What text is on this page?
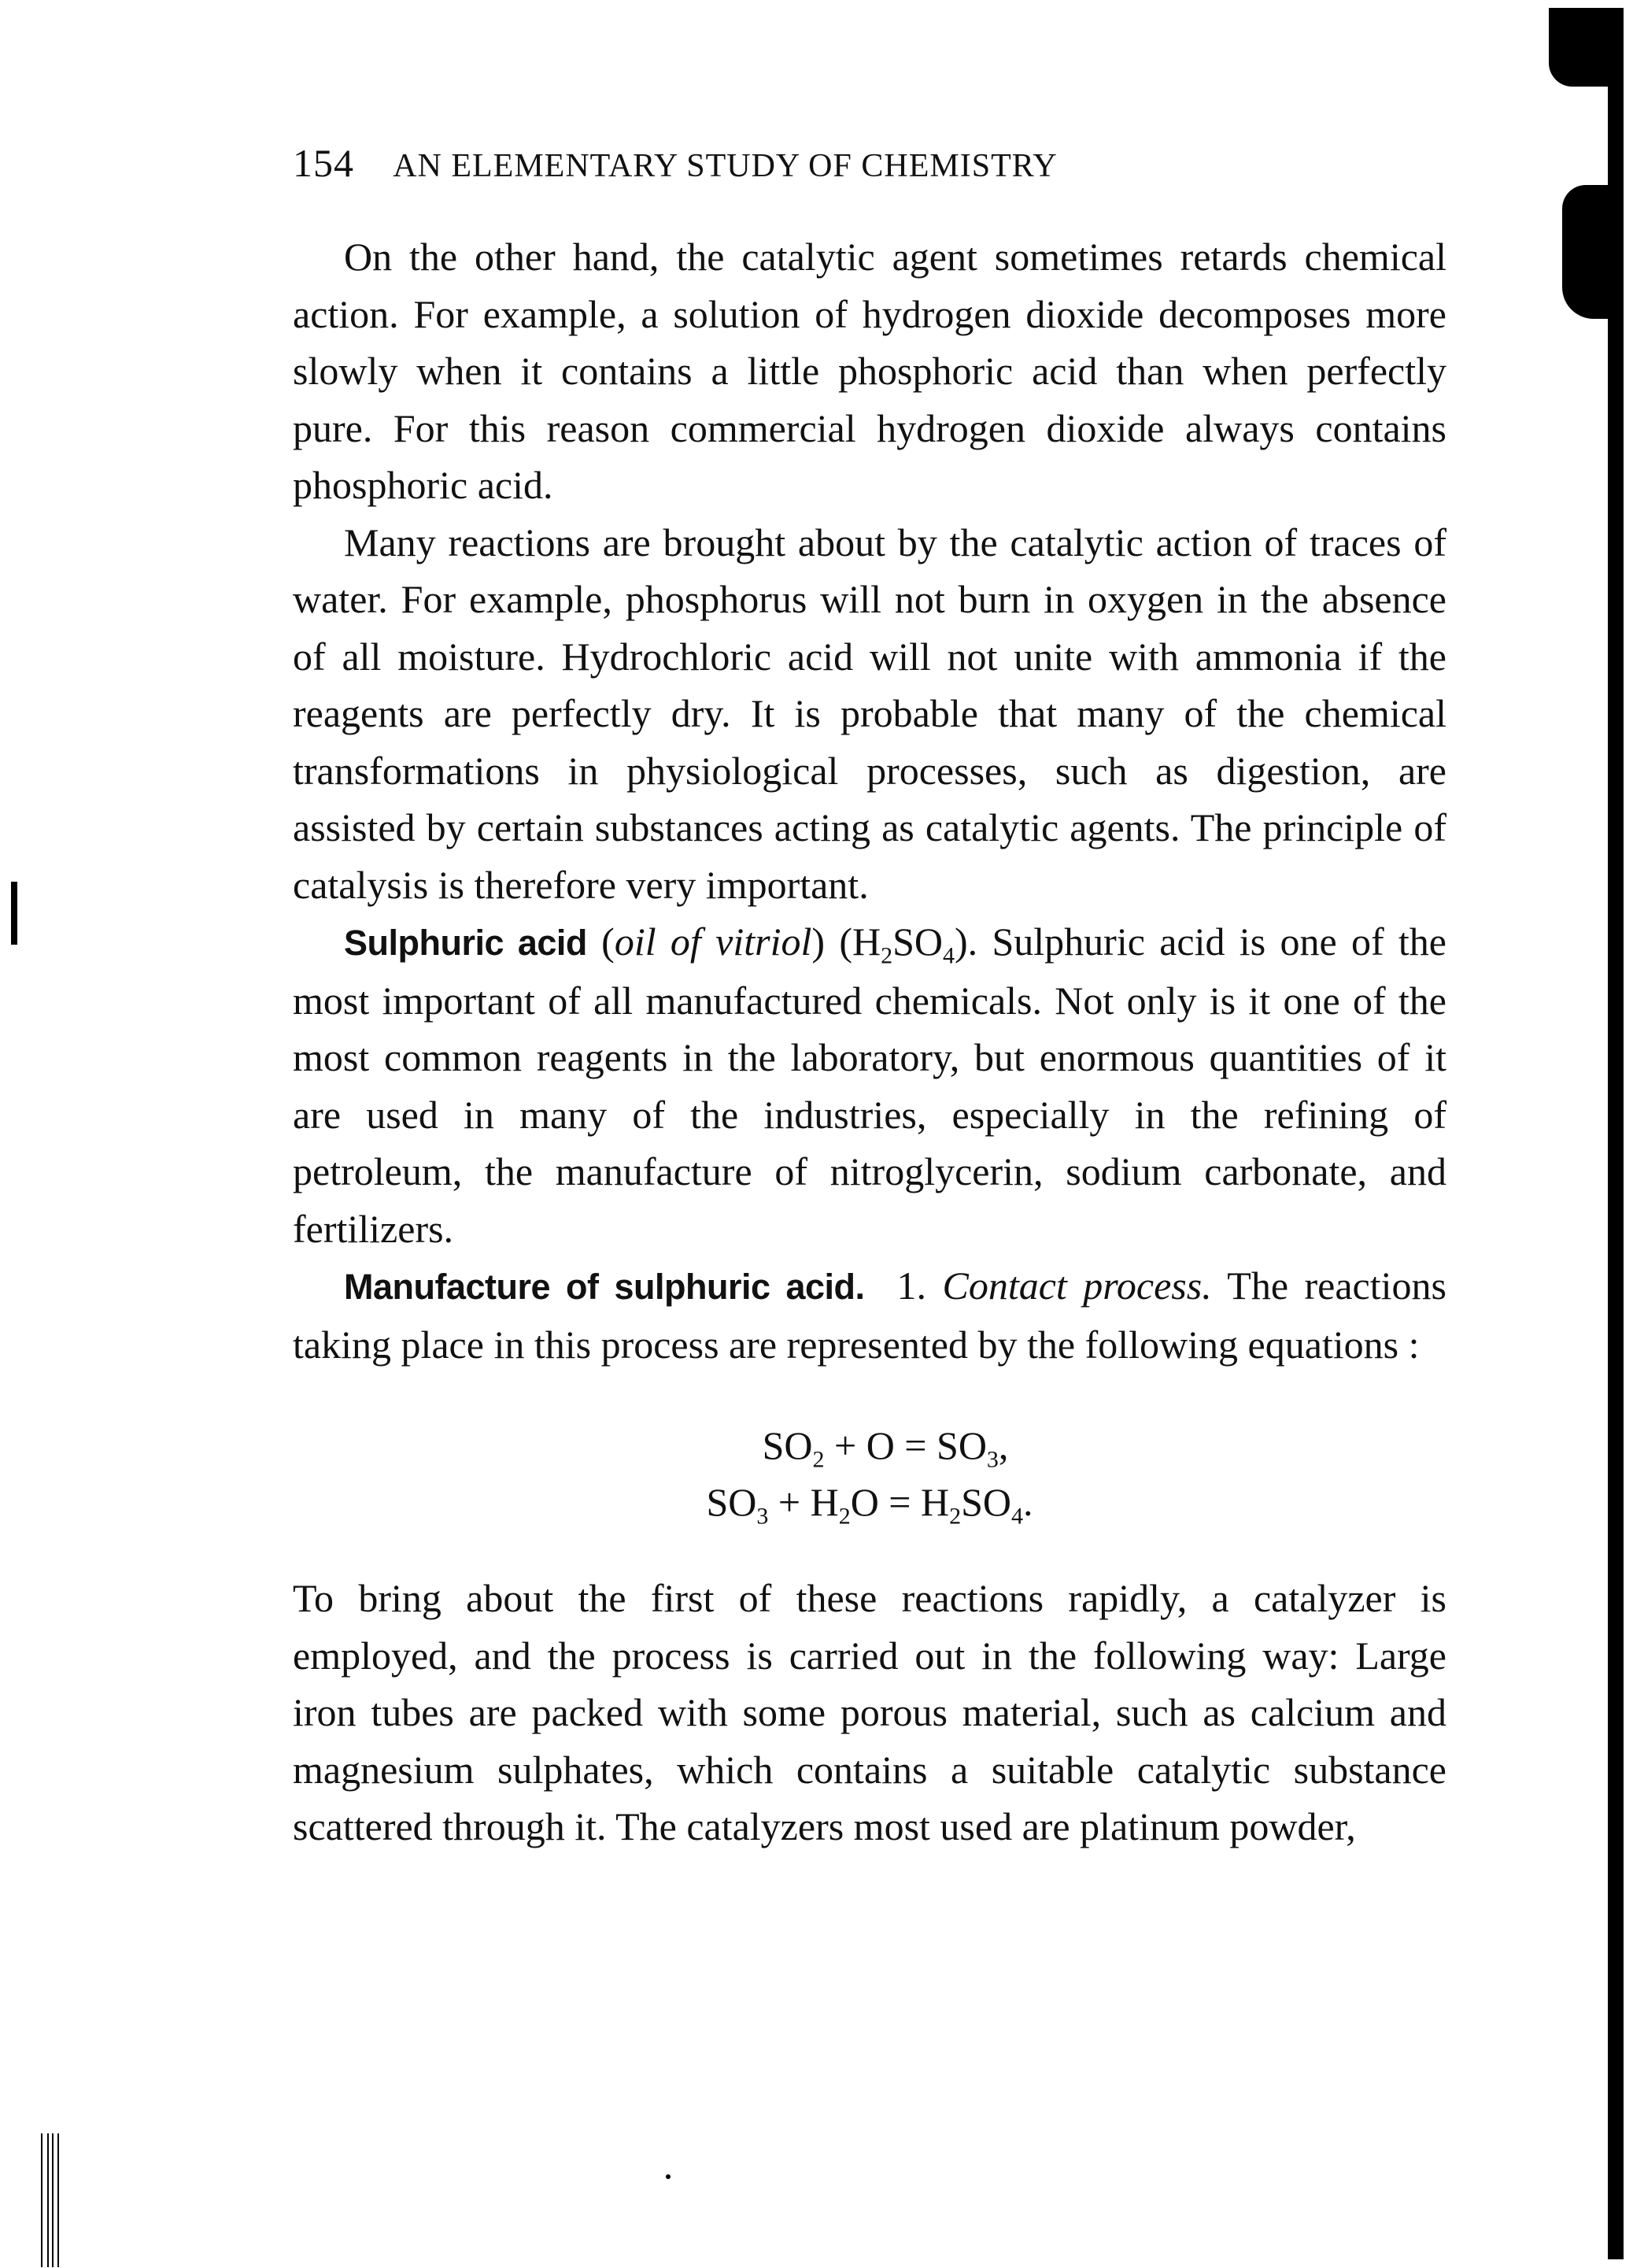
154 AN ELEMENTARY STUDY OF CHEMISTRY

On the other hand, the catalytic agent sometimes retards chemical action. For example, a solution of hydrogen dioxide decomposes more slowly when it contains a little phosphoric acid than when perfectly pure. For this reason commercial hydrogen dioxide always contains phosphoric acid.

Many reactions are brought about by the catalytic action of traces of water. For example, phosphorus will not burn in oxygen in the absence of all moisture. Hydrochloric acid will not unite with ammonia if the reagents are perfectly dry. It is probable that many of the chemical transformations in physiological processes, such as digestion, are assisted by certain substances acting as catalytic agents. The principle of catalysis is therefore very important.

Sulphuric acid (oil of vitriol) $(H_2SO_4)$. Sulphuric acid is one of the most important of all manufactured chemicals. Not only is it one of the most common reagents in the laboratory, but enormous quantities of it are used in many of the industries, especially in the refining of petroleum, the manufacture of nitroglycerin, sodium carbonate, and fertilizers.

Manufacture of sulphuric acid. 1. Contact process. The reactions taking place in this process are represented by the following equations :

$SO_2 + O = SO_3$,
$SO_3 + H_2O = H_2SO_4$.

To bring about the first of these reactions rapidly, a catalyzer is employed, and the process is carried out in the following way: Large iron tubes are packed with some porous material, such as calcium and magnesium sulphates, which contains a suitable catalytic substance scattered through it. The catalyzers most used are platinum powder,
